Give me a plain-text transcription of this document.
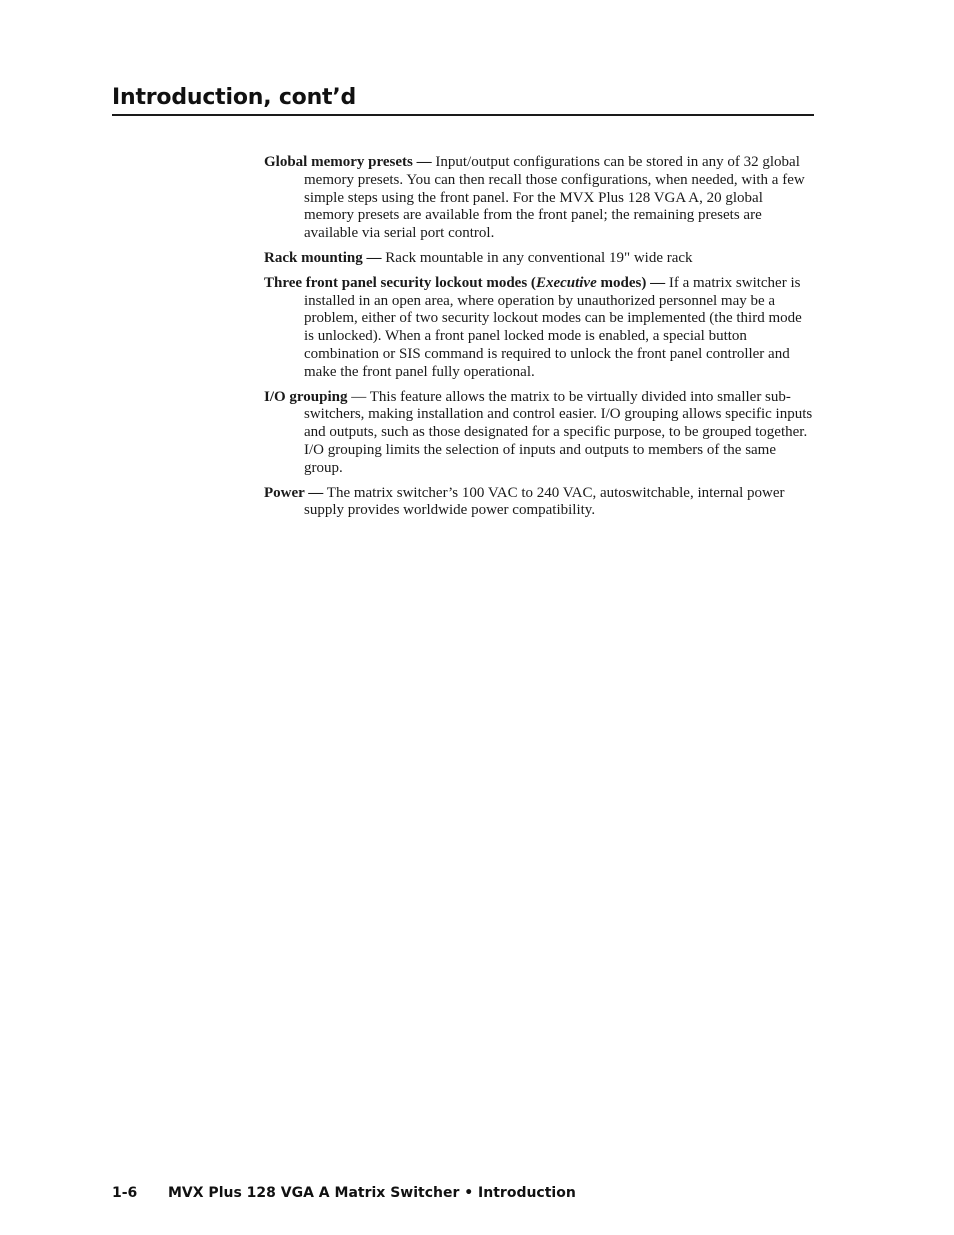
Introduction, cont’d

Global memory presets — Input/output configurations can be stored in any of 32 global memory presets. You can then recall those configurations, when needed, with a few simple steps using the front panel. For the MVX Plus 128 VGA A, 20 global memory presets are available from the front panel; the remaining presets are available via serial port control.

Rack mounting — Rack mountable in any conventional 19" wide rack

Three front panel security lockout modes (Executive modes) — If a matrix switcher is installed in an open area, where operation by unauthorized personnel may be a problem, either of two security lockout modes can be implemented (the third mode is unlocked). When a front panel locked mode is enabled, a special button combination or SIS command is required to unlock the front panel controller and make the front panel fully operational.

I/O grouping — This feature allows the matrix to be virtually divided into smaller sub-switchers, making installation and control easier. I/O grouping allows specific inputs and outputs, such as those designated for a specific purpose, to be grouped together. I/O grouping limits the selection of inputs and outputs to members of the same group.

Power — The matrix switcher’s 100 VAC to 240 VAC, autoswitchable, internal power supply provides worldwide power compatibility.

1-6 MVX Plus 128 VGA A Matrix Switcher • Introduction
